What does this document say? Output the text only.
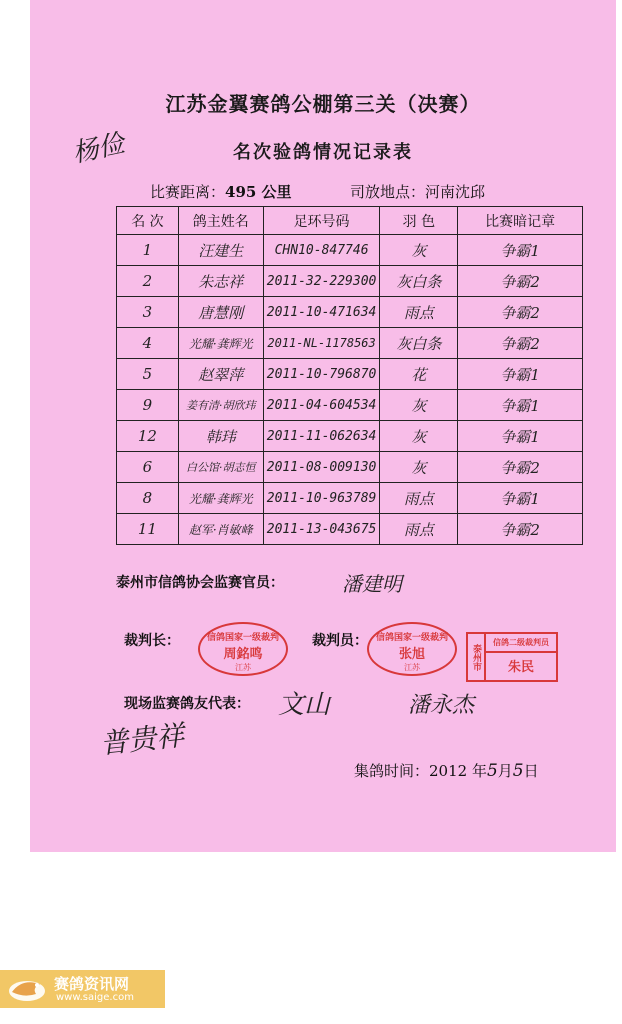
江苏金翼赛鸽公棚第三关（决赛）
杨俭	名次验鸽情况记录表
比赛距离：495 公里	司放地点：河南沈邱
名 次	鸽主姓名	足环号码	羽 色	比赛暗记章
1	汪建生	CHN10-847746	灰	争霸1
2	朱志祥	2011-32-229300	灰白条	争霸2
3	唐慧刚	2011-10-471634	雨点	争霸2
4	光耀·龚辉光	2011-NL-1178563	灰白条	争霸2
5	赵翠萍	2011-10-796870	花	争霸1
9	姜有清·胡欣玮	2011-04-604534	灰	争霸1
12	韩玮	2011-11-062634	灰	争霸1
6	白公馆·胡志恒	2011-08-009130	灰	争霸2
8	光耀·龚辉光	2011-10-963789	雨点	争霸1
11	赵军·肖敏峰	2011-13-043675	雨点	争霸2
泰州市信鸽协会监赛官员：	潘建明
裁判长：	信鸽国家一级裁判
周銘鸣
江苏
裁判员： 信鸽国家一级裁判
张旭
江苏	泰州市
信鸽二级裁判员
朱民
现场监赛鸽友代表：
普贵祥
文山	潘永杰
集鸽时间：2012 年5月5日
赛鸽资讯网
www.saige.com
